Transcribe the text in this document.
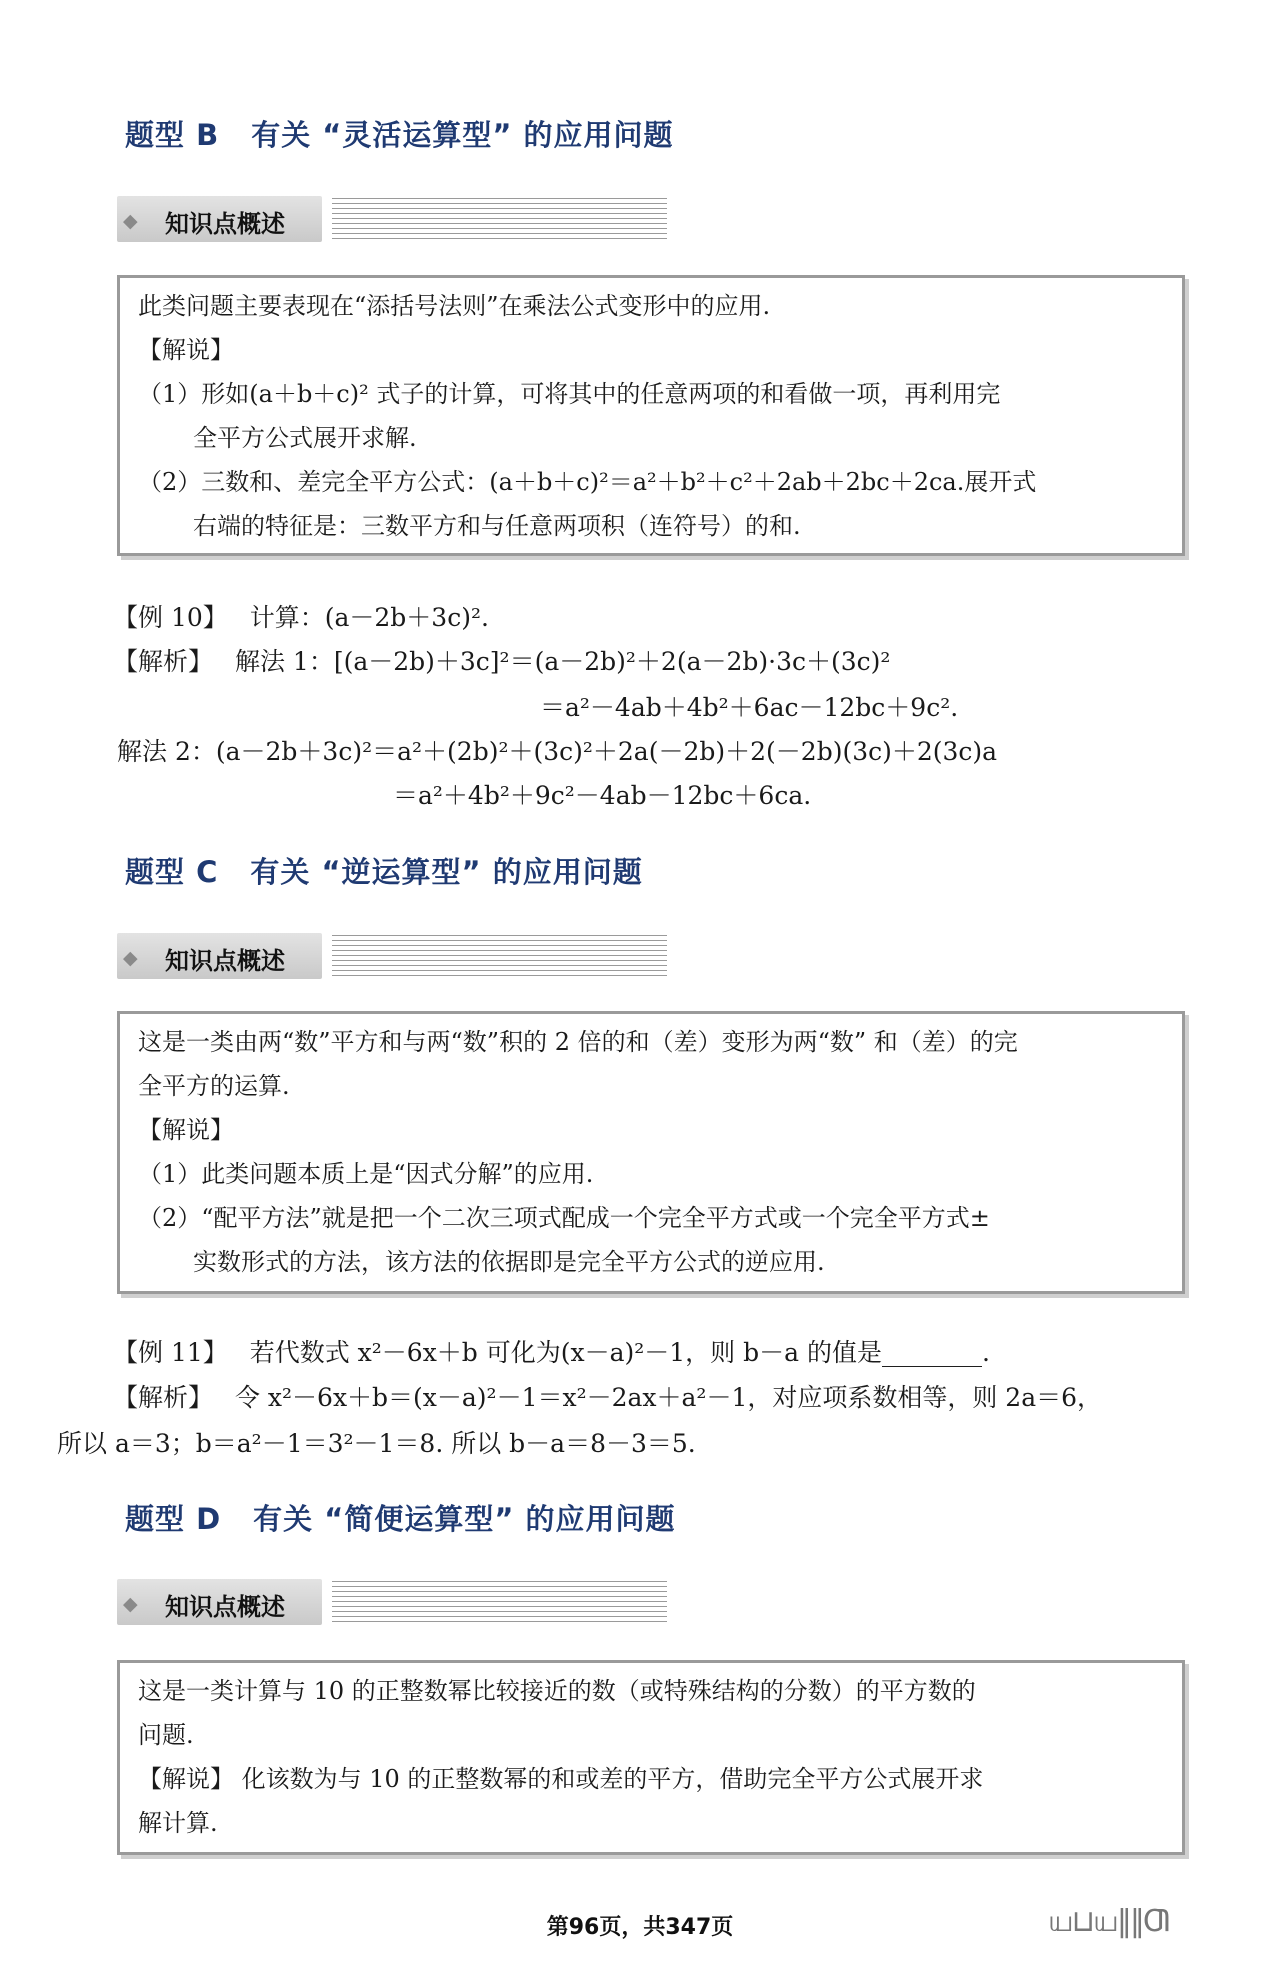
题型 B 有关 “灵活运算型” 的应用问题
◆ 知识点概述

此类问题主要表现在“添括号法则”在乘法公式变形中的应用.

【解说】

（1）形如(a＋b＋c)² 式子的计算，可将其中的任意两项的和看做一项，再利用完

全平方公式展开求解.

（2）三数和、差完全平方公式：(a＋b＋c)²＝a²＋b²＋c²＋2ab＋2bc＋2ca.展开式

右端的特征是：三数平方和与任意两项积（连符号）的和.

【例 10】 计算：(a－2b＋3c)².
【解析】 解法 1：[(a－2b)＋3c]²＝(a－2b)²＋2(a－2b)·3c＋(3c)²
＝a²－4ab＋4b²＋6ac－12bc＋9c².
解法 2：(a－2b＋3c)²＝a²＋(2b)²＋(3c)²＋2a(－2b)＋2(－2b)(3c)＋2(3c)a
＝a²＋4b²＋9c²－4ab－12bc＋6ca.
题型 C 有关 “逆运算型” 的应用问题
◆ 知识点概述

这是一类由两“数”平方和与两“数”积的 2 倍的和（差）变形为两“数” 和（差）的完

全平方的运算.

【解说】

（1）此类问题本质上是“因式分解”的应用.

（2）“配平方法”就是把一个二次三项式配成一个完全平方式或一个完全平方式±

实数形式的方法，该方法的依据即是完全平方公式的逆应用.

【例 11】 若代数式 x²－6x＋b 可化为(x－a)²－1，则 b－a 的值是________.
【解析】 令 x²－6x＋b＝(x－a)²－1＝x²－2ax＋a²－1，对应项系数相等，则 2a＝6，
所以 a＝3；b＝a²－1＝3²－1＝8. 所以 b－a＝8－3＝5.
题型 D 有关 “简便运算型” 的应用问题
◆ 知识点概述

这是一类计算与 10 的正整数幂比较接近的数（或特殊结构的分数）的平方数的

问题.

【解说】 化该数为与 10 的正整数幂的和或差的平方，借助完全平方公式展开求

解计算.

第96页，共347页	ய⊔ய‖‖Ƣ
